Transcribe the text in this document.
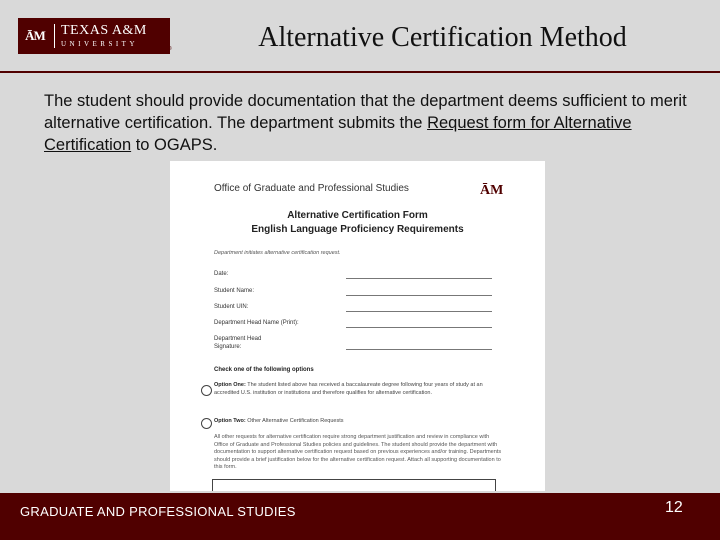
ĀM	TEXAS A&M
UNIVERSITY
®	Alternative Certification Method
The student should provide documentation that the department deems sufficient to merit alternative certification. The department submits the Request form for Alternative Certification to OGAPS.
Office of Graduate and Professional Studies	ĀM
Alternative Certification Form
English Language Proficiency Requirements
Department initiates alternative certification request.
Date:
Student Name:
Student UIN:
Department Head Name (Print):
Department Head Signature:
Check one of the following options
Option One: The student listed above has received a baccalaureate degree following four years of study at an accredited U.S. institution or institutions and therefore qualifies for alternative certification.
Option Two: Other Alternative Certification Requests
All other requests for alternative certification require strong department justification and review in compliance with Office of Graduate and Professional Studies policies and guidelines. The student should provide the department with documentation to support alternative certification request based on previous experiences and/or training. Departments should provide a brief justification below for the alternative certification request. Attach all supporting documentation to this form.
GRADUATE AND PROFESSIONAL STUDIES	12
